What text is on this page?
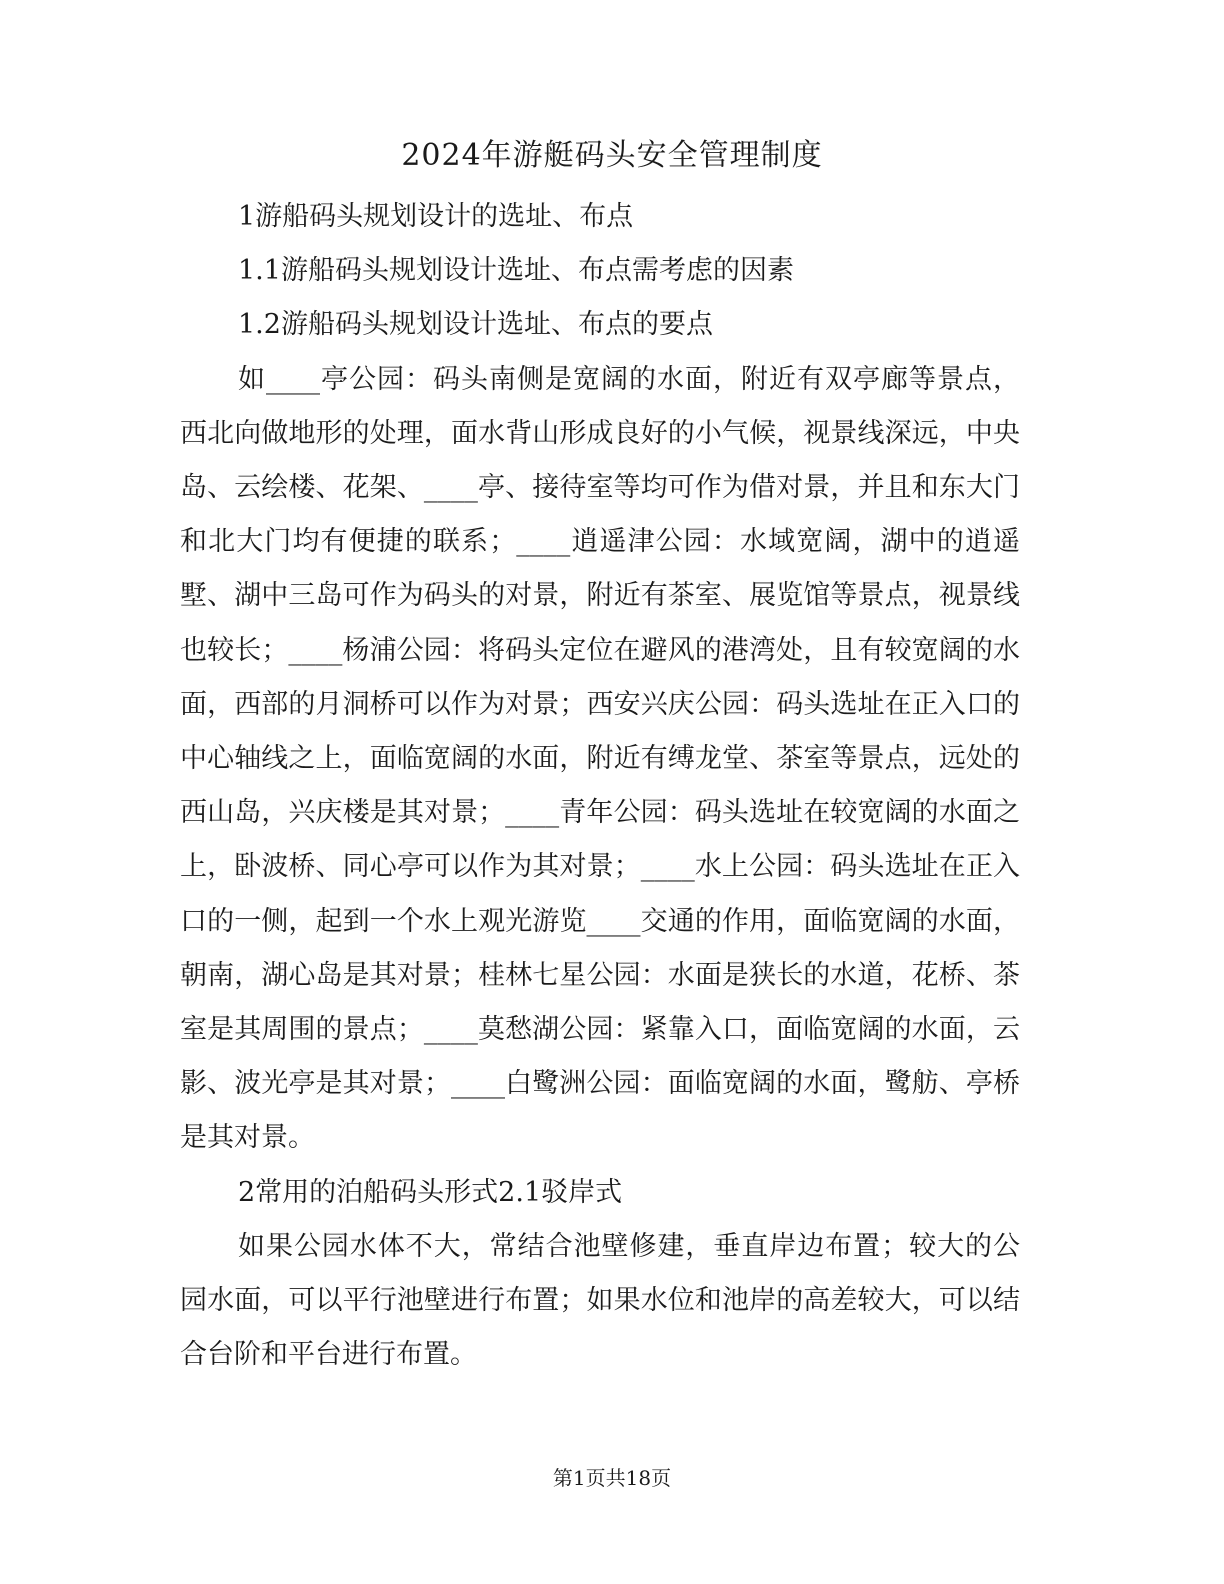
2024年游艇码头安全管理制度

1游船码头规划设计的选址、布点

1.1游船码头规划设计选址、布点需考虑的因素

1.2游船码头规划设计选址、布点的要点

如____亭公园：码头南侧是宽阔的水面，附近有双亭廊等景点，西北向做地形的处理，面水背山形成良好的小气候，视景线深远，中央岛、云绘楼、花架、____亭、接待室等均可作为借对景，并且和东大门和北大门均有便捷的联系；____逍遥津公园：水域宽阔，湖中的逍遥墅、湖中三岛可作为码头的对景，附近有茶室、展览馆等景点，视景线也较长；____杨浦公园：将码头定位在避风的港湾处，且有较宽阔的水面，西部的月洞桥可以作为对景；西安兴庆公园：码头选址在正入口的中心轴线之上，面临宽阔的水面，附近有缚龙堂、茶室等景点，远处的西山岛，兴庆楼是其对景；____青年公园：码头选址在较宽阔的水面之上，卧波桥、同心亭可以作为其对景；____水上公园：码头选址在正入口的一侧，起到一个水上观光游览____交通的作用，面临宽阔的水面，朝南，湖心岛是其对景；桂林七星公园：水面是狭长的水道，花桥、茶室是其周围的景点；____莫愁湖公园：紧靠入口，面临宽阔的水面，云影、波光亭是其对景；____白鹭洲公园：面临宽阔的水面，鹭舫、亭桥是其对景。

2常用的泊船码头形式2.1驳岸式

如果公园水体不大，常结合池壁修建，垂直岸边布置；较大的公园水面，可以平行池壁进行布置；如果水位和池岸的高差较大，可以结合台阶和平台进行布置。

第1页共18页
